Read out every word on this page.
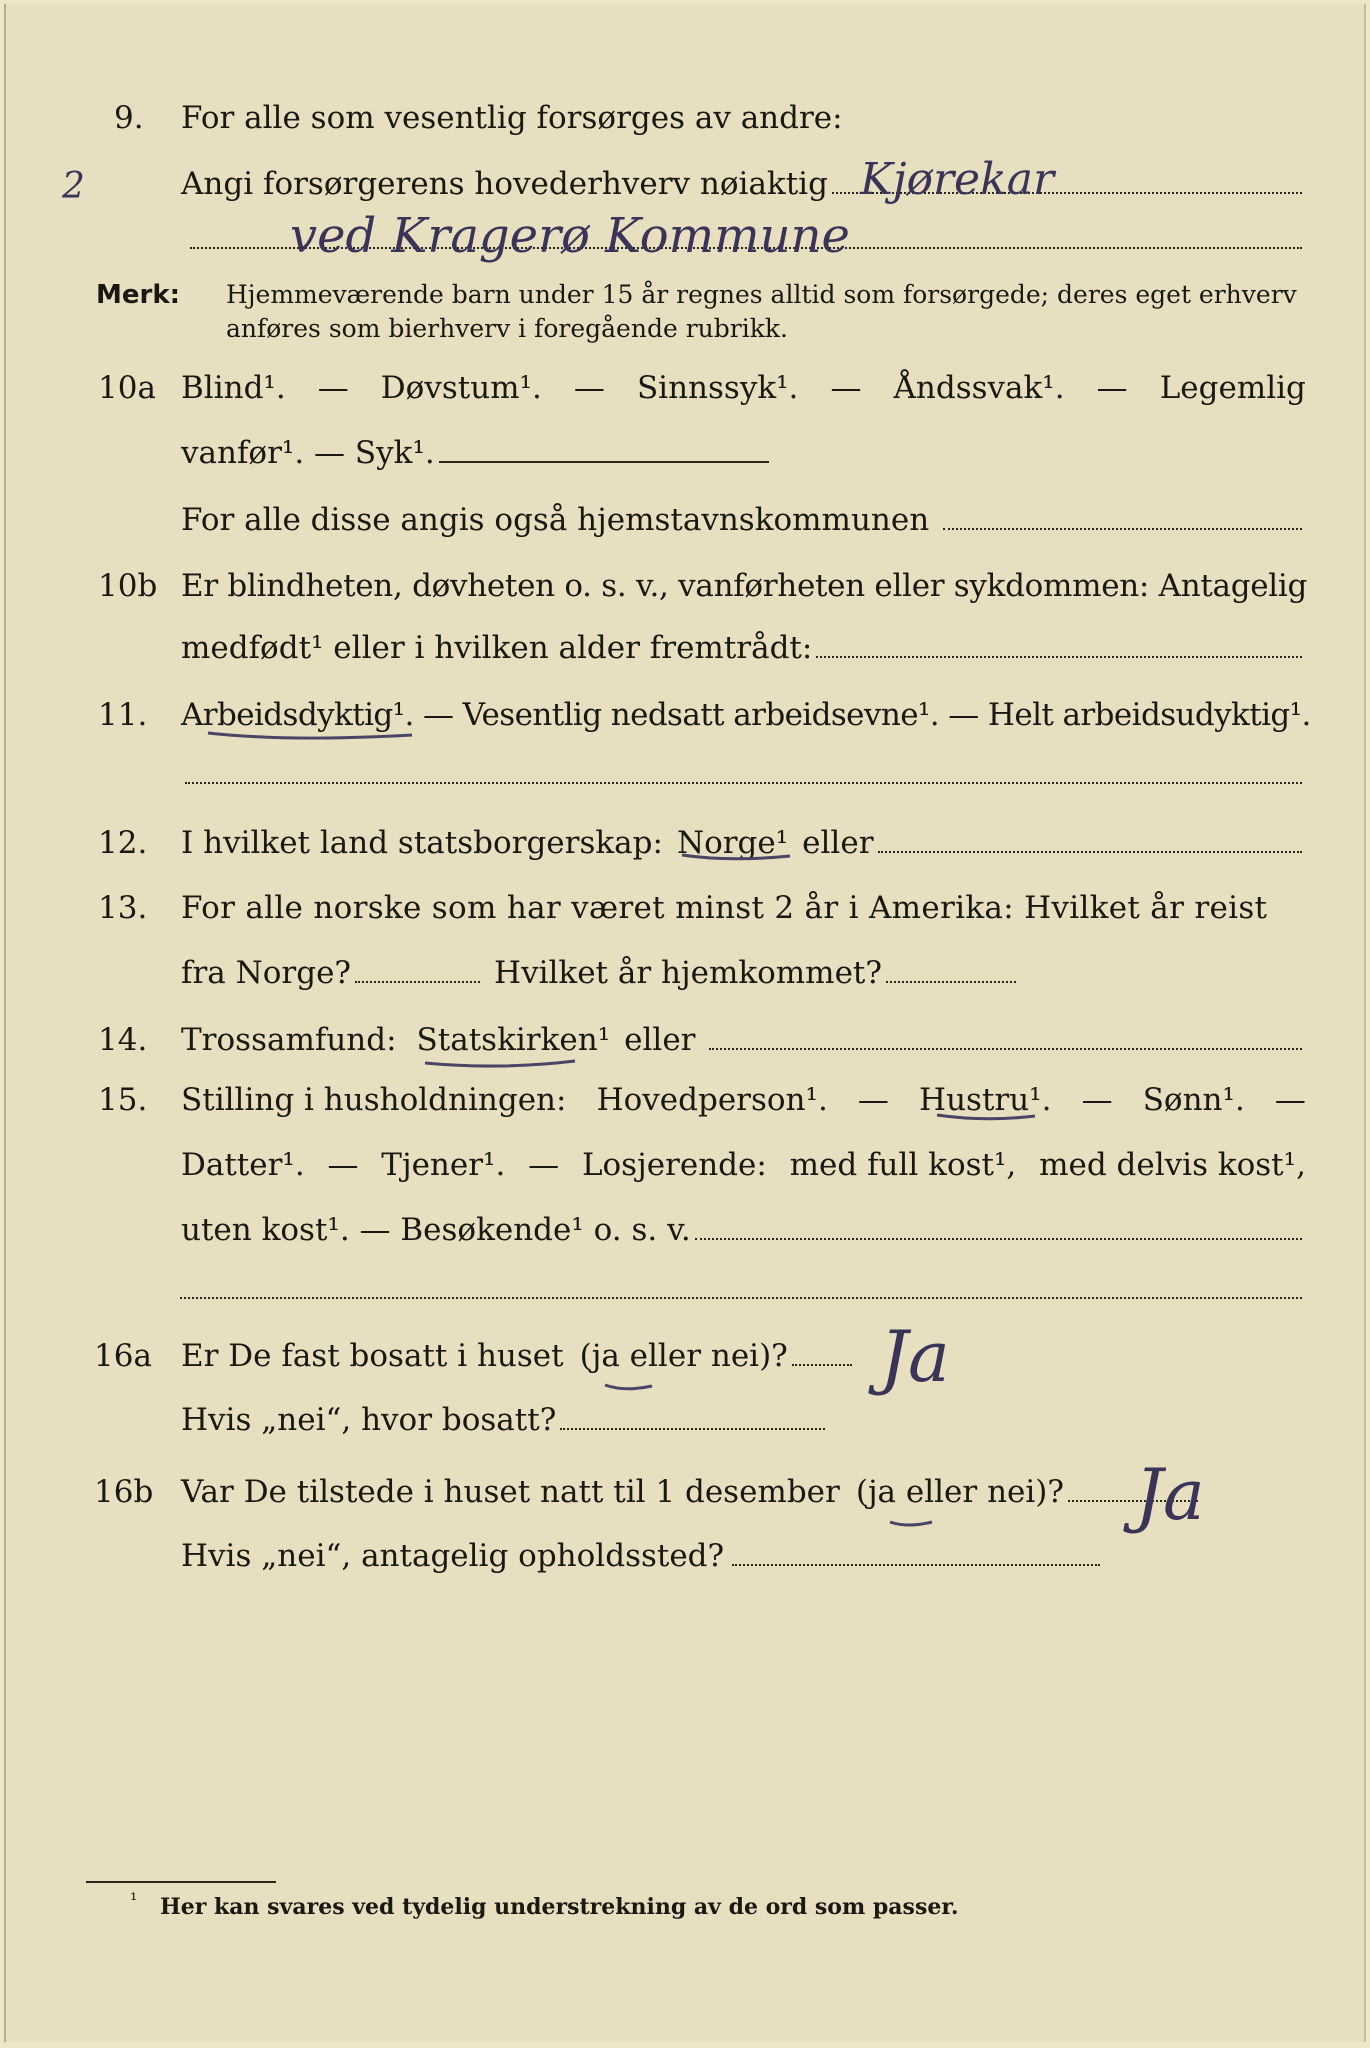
9.	For alle som vesentlig forsørges av andre:
Angi forsørgerens hovederhverv nøiaktig Kjørekar
2
ved Kragerø Kommune
Merk: Hjemmeværende barn under 15 år regnes alltid som forsørgede; deres eget erhverv
anføres som bierhverv i foregående rubrikk.
10a Blind¹. — Døvstum¹. — Sinnssyk¹. — Åndssvak¹. — Legemlig
vanfør¹. — Syk¹.
For alle disse angis også hjemstavnskommunen
10b Er blindheten, døvheten o. s. v., vanførheten eller sykdommen: Antagelig
medfødt¹ eller i hvilken alder fremtrådt:
11.	Arbeidsdyktig¹. — Vesentlig nedsatt arbeidsevne¹. — Helt arbeidsudyktig¹.
12.	I hvilket land statsborgerskap: Norge¹ eller
13.	For alle norske som har været minst 2 år i Amerika: Hvilket år reist
fra Norge?	Hvilket år hjemkommet?
14.	Trossamfund: Statskirken¹ eller
15.	Stilling i husholdningen: Hovedperson¹. — Hustru¹. — Sønn¹. —
Datter¹. — Tjener¹. — Losjerende: med full kost¹, med delvis kost¹,
uten kost¹. — Besøkende¹ o. s. v.
16a Er De fast bosatt i huset (ja eller nei)? Ja
Hvis „nei“, hvor bosatt?
16b Var De tilstede i huset natt til 1 desember (ja eller nei)? Ja
Hvis „nei“, antagelig opholdssted?
¹ Her kan svares ved tydelig understrekning av de ord som passer.
